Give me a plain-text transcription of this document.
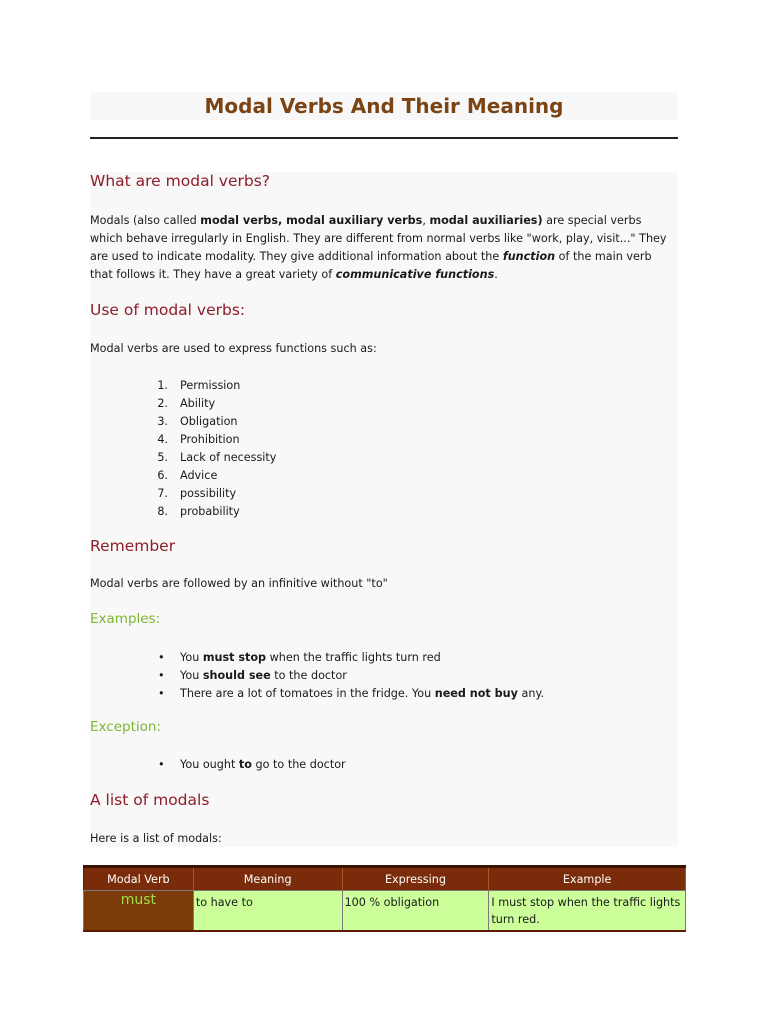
Modal Verbs And Their Meaning
What are modal verbs?

Modals (also called modal verbs, modal auxiliary verbs, modal auxiliaries) are special verbs which behave irregularly in English. They are different from normal verbs like "work, play, visit..." They are used to indicate modality. They give additional information about the function of the main verb that follows it. They have a great variety of communicative functions.

Use of modal verbs:

Modal verbs are used to express functions such as:

1. Permission
2. Ability
3. Obligation
4. Prohibition
5. Lack of necessity
6. Advice
7. possibility
8. probability
Remember

Modal verbs are followed by an infinitive without "to"

Examples:
• You must stop when the traffic lights turn red
• You should see to the doctor
• There are a lot of tomatoes in the fridge. You need not buy any.
Exception:
• You ought to go to the doctor
A list of modals

Here is a list of modals:

Modal Verb	Meaning	Expressing	Example
must	to have to	100 % obligation	I must stop when the traffic lights turn red.
